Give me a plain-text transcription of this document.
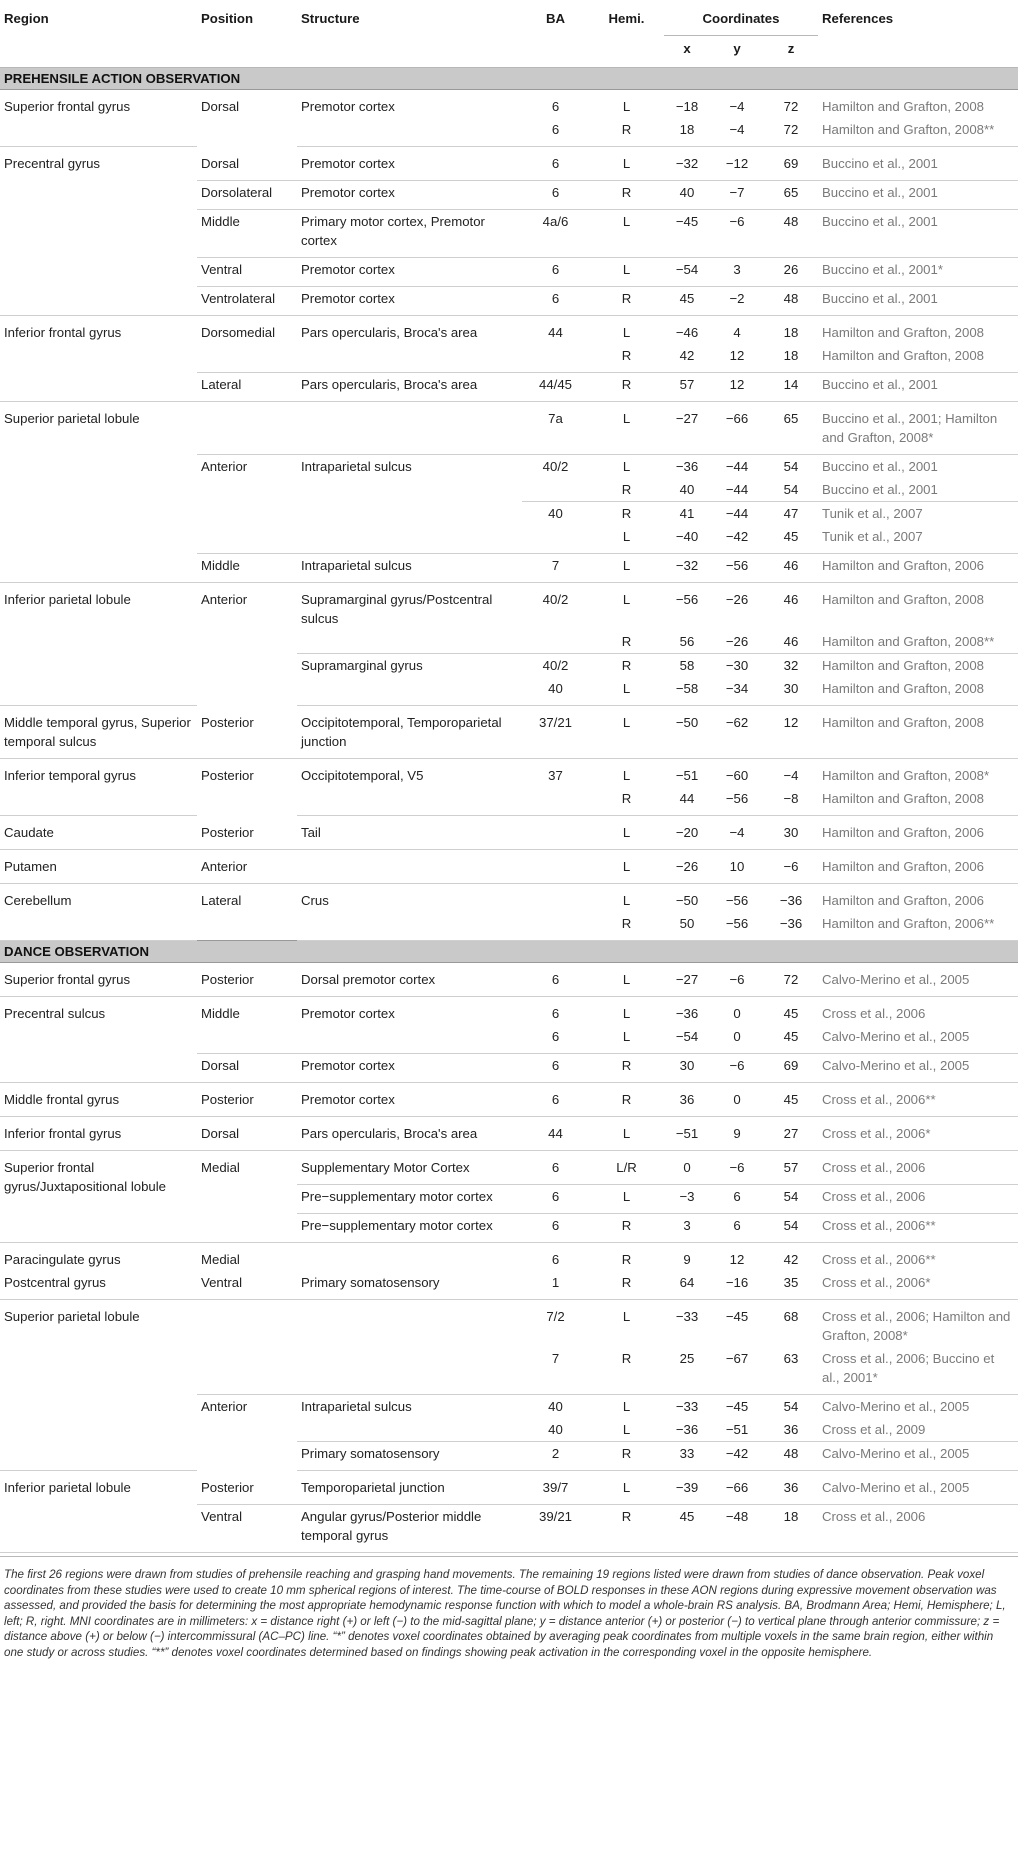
Region	Position	Structure	BA	Hemi.	Coordinates			References
					x	y	z	
PREHENSILE ACTION OBSERVATION								
Superior frontal gyrus	Dorsal	Premotor cortex	6	L	−18	−4	72	Hamilton and Grafton, 2008
			6	R	18	−4	72	Hamilton and Grafton, 2008**
Precentral gyrus	Dorsal	Premotor cortex	6	L	−32	−12	69	Buccino et al., 2001
	Dorsolateral	Premotor cortex	6	R	40	−7	65	Buccino et al., 2001
	Middle	Primary motor cortex, Premotor cortex	4a/6	L	−45	−6	48	Buccino et al., 2001
	Ventral	Premotor cortex	6	L	−54	3	26	Buccino et al., 2001*
	Ventrolateral	Premotor cortex	6	R	45	−2	48	Buccino et al., 2001
Inferior frontal gyrus	Dorsomedial	Pars opercularis, Broca's area	44	L	−46	4	18	Hamilton and Grafton, 2008
				R	42	12	18	Hamilton and Grafton, 2008
	Lateral	Pars opercularis, Broca's area	44/45	R	57	12	14	Buccino et al., 2001
Superior parietal lobule			7a	L	−27	−66	65	Buccino et al., 2001; Hamilton and Grafton, 2008*
	Anterior	Intraparietal sulcus	40/2	L	−36	−44	54	Buccino et al., 2001
				R	40	−44	54	Buccino et al., 2001
			40	R	41	−44	47	Tunik et al., 2007
				L	−40	−42	45	Tunik et al., 2007
	Middle	Intraparietal sulcus	7	L	−32	−56	46	Hamilton and Grafton, 2006
Inferior parietal lobule	Anterior	Supramarginal gyrus/Postcentral sulcus	40/2	L	−56	−26	46	Hamilton and Grafton, 2008
				R	56	−26	46	Hamilton and Grafton, 2008**
		Supramarginal gyrus	40/2	R	58	−30	32	Hamilton and Grafton, 2008
			40	L	−58	−34	30	Hamilton and Grafton, 2008
Middle temporal gyrus, Superior temporal sulcus	Posterior	Occipitotemporal, Temporoparietal junction	37/21	L	−50	−62	12	Hamilton and Grafton, 2008
Inferior temporal gyrus	Posterior	Occipitotemporal, V5	37	L	−51	−60	−4	Hamilton and Grafton, 2008*
				R	44	−56	−8	Hamilton and Grafton, 2008
Caudate	Posterior	Tail		L	−20	−4	30	Hamilton and Grafton, 2006
Putamen	Anterior			L	−26	10	−6	Hamilton and Grafton, 2006
Cerebellum	Lateral	Crus		L	−50	−56	−36	Hamilton and Grafton, 2006
				R	50	−56	−36	Hamilton and Grafton, 2006**
DANCE OBSERVATION								
Superior frontal gyrus	Posterior	Dorsal premotor cortex	6	L	−27	−6	72	Calvo-Merino et al., 2005
Precentral sulcus	Middle	Premotor cortex	6	L	−36	0	45	Cross et al., 2006
			6	L	−54	0	45	Calvo-Merino et al., 2005
	Dorsal	Premotor cortex	6	R	30	−6	69	Calvo-Merino et al., 2005
Middle frontal gyrus	Posterior	Premotor cortex	6	R	36	0	45	Cross et al., 2006**
Inferior frontal gyrus	Dorsal	Pars opercularis, Broca's area	44	L	−51	9	27	Cross et al., 2006*
Superior frontal gyrus/Juxtapositional lobule	Medial	Supplementary Motor Cortex	6	L/R	0	−6	57	Cross et al., 2006
		Pre−supplementary motor cortex	6	L	−3	6	54	Cross et al., 2006
		Pre−supplementary motor cortex	6	R	3	6	54	Cross et al., 2006**
Paracingulate gyrus	Medial		6	R	9	12	42	Cross et al., 2006**
Postcentral gyrus	Ventral	Primary somatosensory	1	R	64	−16	35	Cross et al., 2006*
Superior parietal lobule			7/2	L	−33	−45	68	Cross et al., 2006; Hamilton and Grafton, 2008*
			7	R	25	−67	63	Cross et al., 2006; Buccino et al., 2001*
	Anterior	Intraparietal sulcus	40	L	−33	−45	54	Calvo-Merino et al., 2005
			40	L	−36	−51	36	Cross et al., 2009
		Primary somatosensory	2	R	33	−42	48	Calvo-Merino et al., 2005
Inferior parietal lobule	Posterior	Temporoparietal junction	39/7	L	−39	−66	36	Calvo-Merino et al., 2005
	Ventral	Angular gyrus/Posterior middle temporal gyrus	39/21	R	45	−48	18	Cross et al., 2006
The first 26 regions were drawn from studies of prehensile reaching and grasping hand movements. The remaining 19 regions listed were drawn from studies of dance observation. Peak voxel coordinates from these studies were used to create 10 mm spherical regions of interest. The time-course of BOLD responses in these AON regions during expressive movement observation was assessed, and provided the basis for determining the most appropriate hemodynamic response function with which to model a whole-brain RS analysis. BA, Brodmann Area; Hemi, Hemisphere; L, left; R, right. MNI coordinates are in millimeters: x = distance right (+) or left (−) to the mid-sagittal plane; y = distance anterior (+) or posterior (−) to vertical plane through anterior commissure; z = distance above (+) or below (−) intercommissural (AC–PC) line. “*” denotes voxel coordinates obtained by averaging peak coordinates from multiple voxels in the same brain region, either within one study or across studies. “**” denotes voxel coordinates determined based on findings showing peak activation in the corresponding voxel in the opposite hemisphere.
